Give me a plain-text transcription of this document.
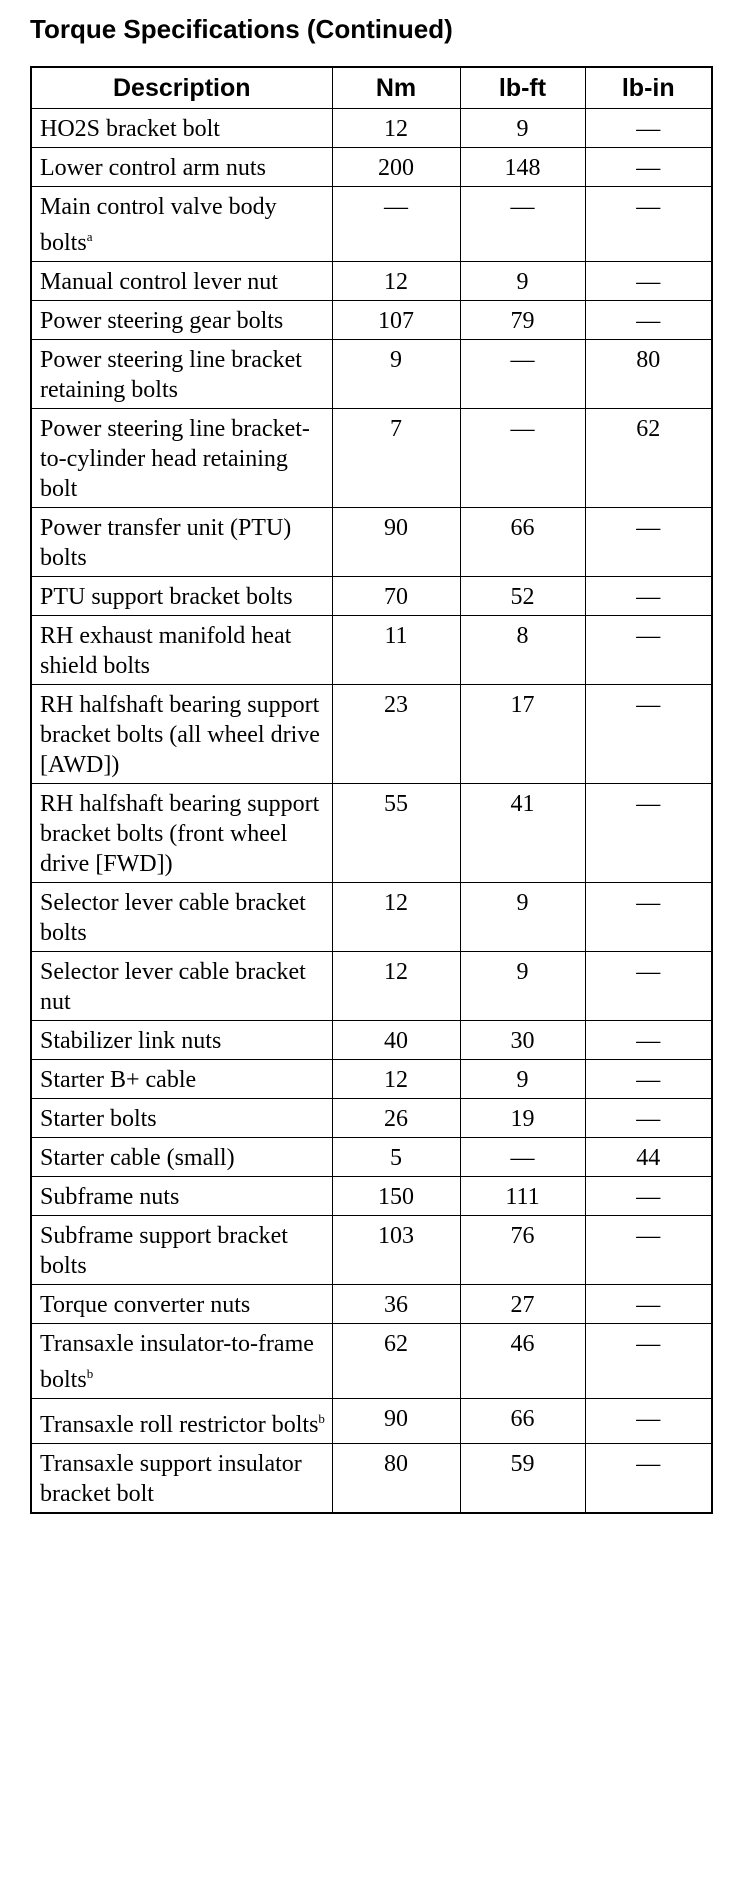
Torque Specifications (Continued)
Description	Nm	lb-ft	lb-in
HO2S bracket bolt	12	9	—
Lower control arm nuts	200	148	—
Main control valve body bolts$^a$	—	—	—
Manual control lever nut	12	9	—
Power steering gear bolts	107	79	—
Power steering line bracket retaining bolts	9	—	80
Power steering line bracket-to-cylinder head retaining bolt	7	—	62
Power transfer unit (PTU) bolts	90	66	—
PTU support bracket bolts	70	52	—
RH exhaust manifold heat shield bolts	11	8	—
RH halfshaft bearing support bracket bolts (all wheel drive [AWD])	23	17	—
RH halfshaft bearing support bracket bolts (front wheel drive [FWD])	55	41	—
Selector lever cable bracket bolts	12	9	—
Selector lever cable bracket nut	12	9	—
Stabilizer link nuts	40	30	—
Starter B+ cable	12	9	—
Starter bolts	26	19	—
Starter cable (small)	5	—	44
Subframe nuts	150	111	—
Subframe support bracket bolts	103	76	—
Torque converter nuts	36	27	—
Transaxle insulator-to-frame bolts$^b$	62	46	—
Transaxle roll restrictor bolts$^b$	90	66	—
Transaxle support insulator bracket bolt	80	59	—
